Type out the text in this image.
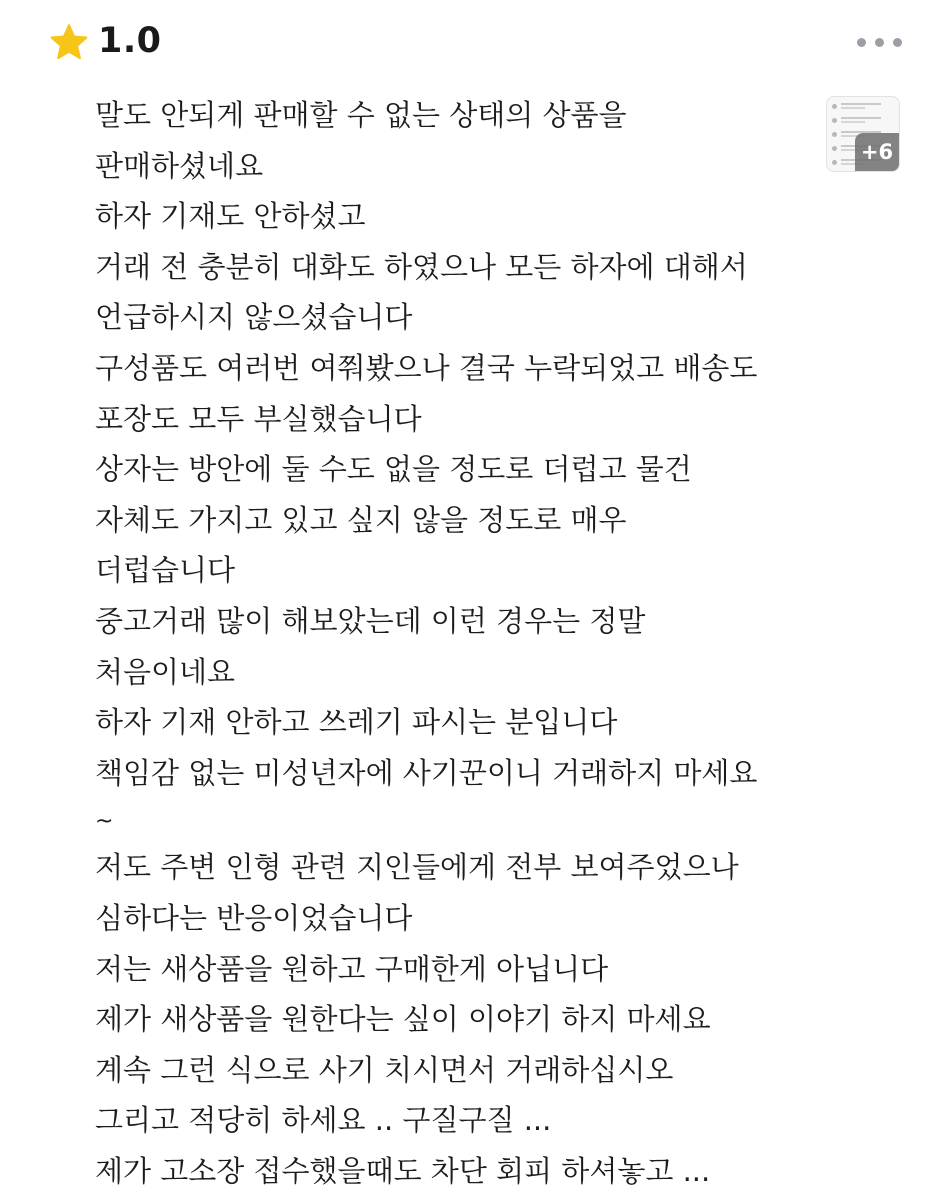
1.0
말도 안되게 판매할 수 없는 상태의 상품을
판매하셨네요
하자 기재도 안하셨고
거래 전 충분히 대화도 하였으나 모든 하자에 대해서
언급하시지 않으셨습니다
구성품도 여러번 여쭤봤으나 결국 누락되었고 배송도
포장도 모두 부실했습니다
상자는 방안에 둘 수도 없을 정도로 더럽고 물건
자체도 가지고 있고 싶지 않을 정도로 매우
더럽습니다
중고거래 많이 해보았는데 이런 경우는 정말
처음이네요
하자 기재 안하고 쓰레기 파시는 분입니다
책임감 없는 미성년자에 사기꾼이니 거래하지 마세요
~
저도 주변 인형 관련 지인들에게 전부 보여주었으나
심하다는 반응이었습니다
저는 새상품을 원하고 구매한게 아닙니다
제가 새상품을 원한다는 싶이 이야기 하지 마세요
계속 그런 식으로 사기 치시면서 거래하십시오
그리고 적당히 하세요 .. 구질구질 ...
제가 고소장 접수했을때도 차단 회피 하셔놓고 ...
+6
